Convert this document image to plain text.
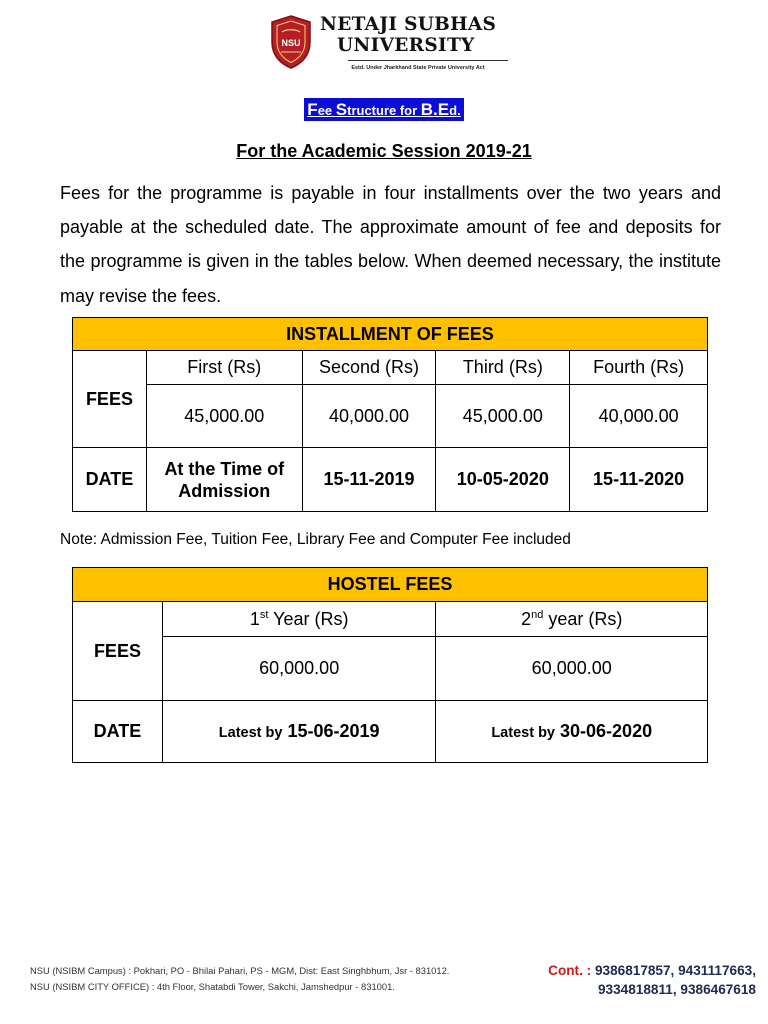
NSU
NETAJI SUBHAS
UNIVERSITY
Estd. Under Jharkhand State Private University Act
Fee Structure for B.Ed.
For the Academic Session 2019-21
Fees for the programme is payable in four installments over the two years and payable at the scheduled date. The approximate amount of fee and deposits for the programme is given in the tables below. When deemed necessary, the institute may revise the fees.
INSTALLMENT OF FEES				
FEES	First (Rs)	Second (Rs)	Third (Rs)	Fourth (Rs)
	45,000.00	40,000.00	45,000.00	40,000.00
DATE	At the Time of Admission	15-11-2019	10-05-2020	15-11-2020
Note: Admission Fee, Tuition Fee, Library Fee and Computer Fee included
HOSTEL FEES		
FEES	1st Year (Rs)	2nd year (Rs)
	60,000.00	60,000.00
DATE	Latest by 15-06-2019	Latest by 30-06-2020
NSU (NSIBM Campus) : Pokhari, PO - Bhilai Pahari, PS - MGM, Dist: East Singhbhum, Jsr - 831012.
NSU (NSIBM CITY OFFICE) : 4th Floor, Shatabdi Tower, Sakchi, Jamshedpur - 831001.
Cont. : 9386817857, 9431117663,
9334818811, 9386467618
